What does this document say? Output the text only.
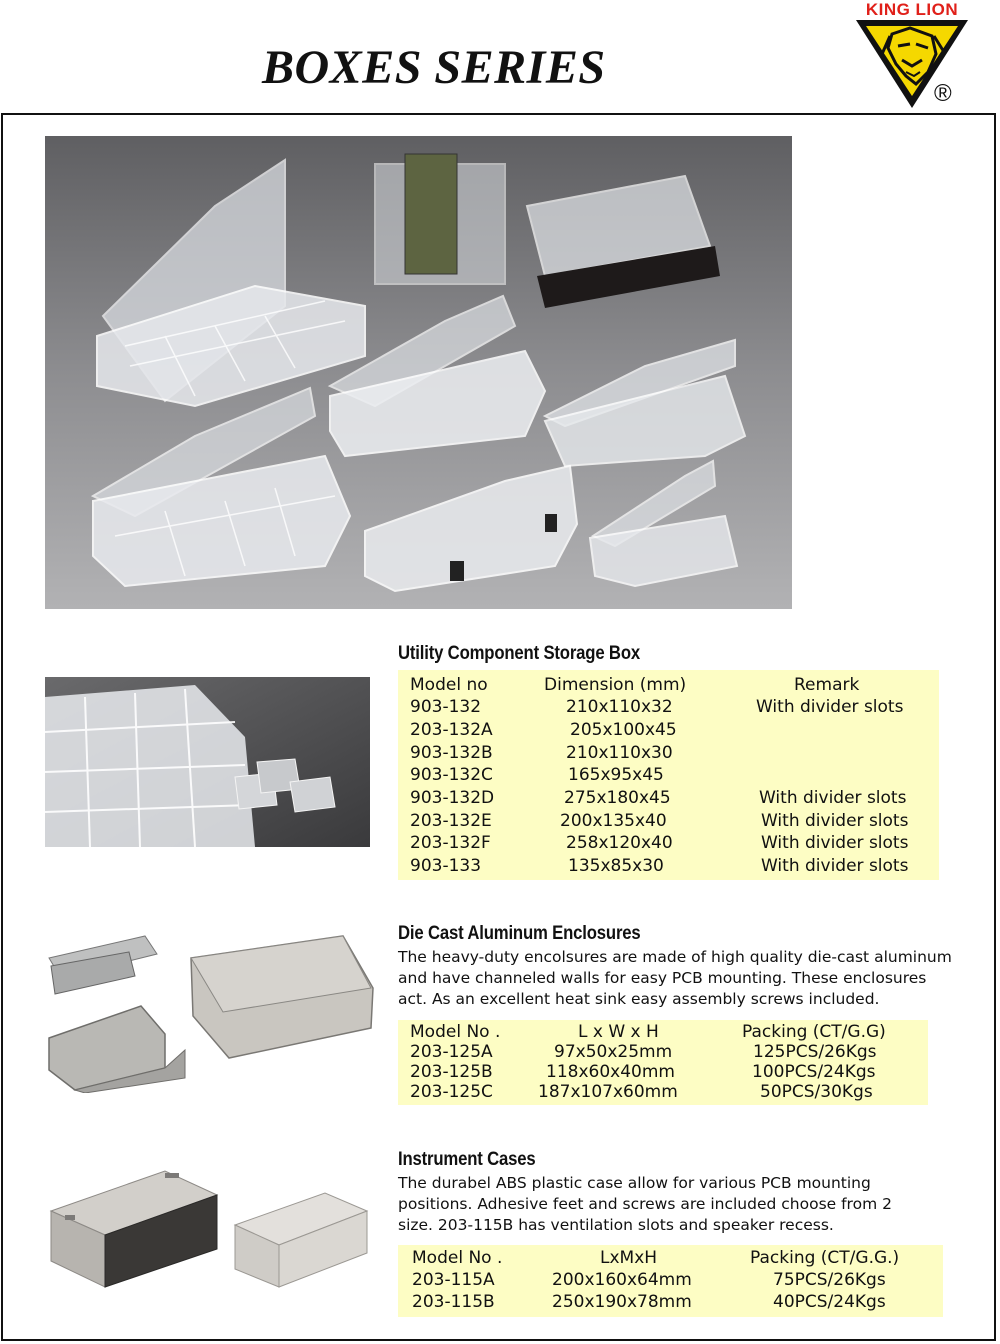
BOXES SERIES
KING LION
®
Utility Component Storage Box
Model no	Dimension (mm)	Remark
903-132	210x110x32	With divider slots
203-132A	205x100x45
903-132B	210x110x30
903-132C	165x95x45
903-132D	275x180x45	With divider slots
203-132E	200x135x40	With divider slots
203-132F	258x120x40	With divider slots
903-133	135x85x30	With divider slots
Die Cast Aluminum Enclosures
The heavy-duty encolsures are made of high quality die-cast aluminum
and have channeled walls for easy PCB mounting. These enclosures
act. As an excellent heat sink easy assembly screws included.
Model No .	L x W x H	Packing (CT/G.G)
203-125A	97x50x25mm	125PCS/26Kgs
203-125B	118x60x40mm	100PCS/24Kgs
203-125C	187x107x60mm	50PCS/30Kgs
Instrument Cases
The durabel ABS plastic case allow for various PCB mounting
positions. Adhesive feet and screws are included choose from 2
size. 203-115B has ventilation slots and speaker recess.
Model No .	LxMxH	Packing (CT/G.G.)
203-115A	200x160x64mm	75PCS/26Kgs
203-115B	250x190x78mm	40PCS/24Kgs
